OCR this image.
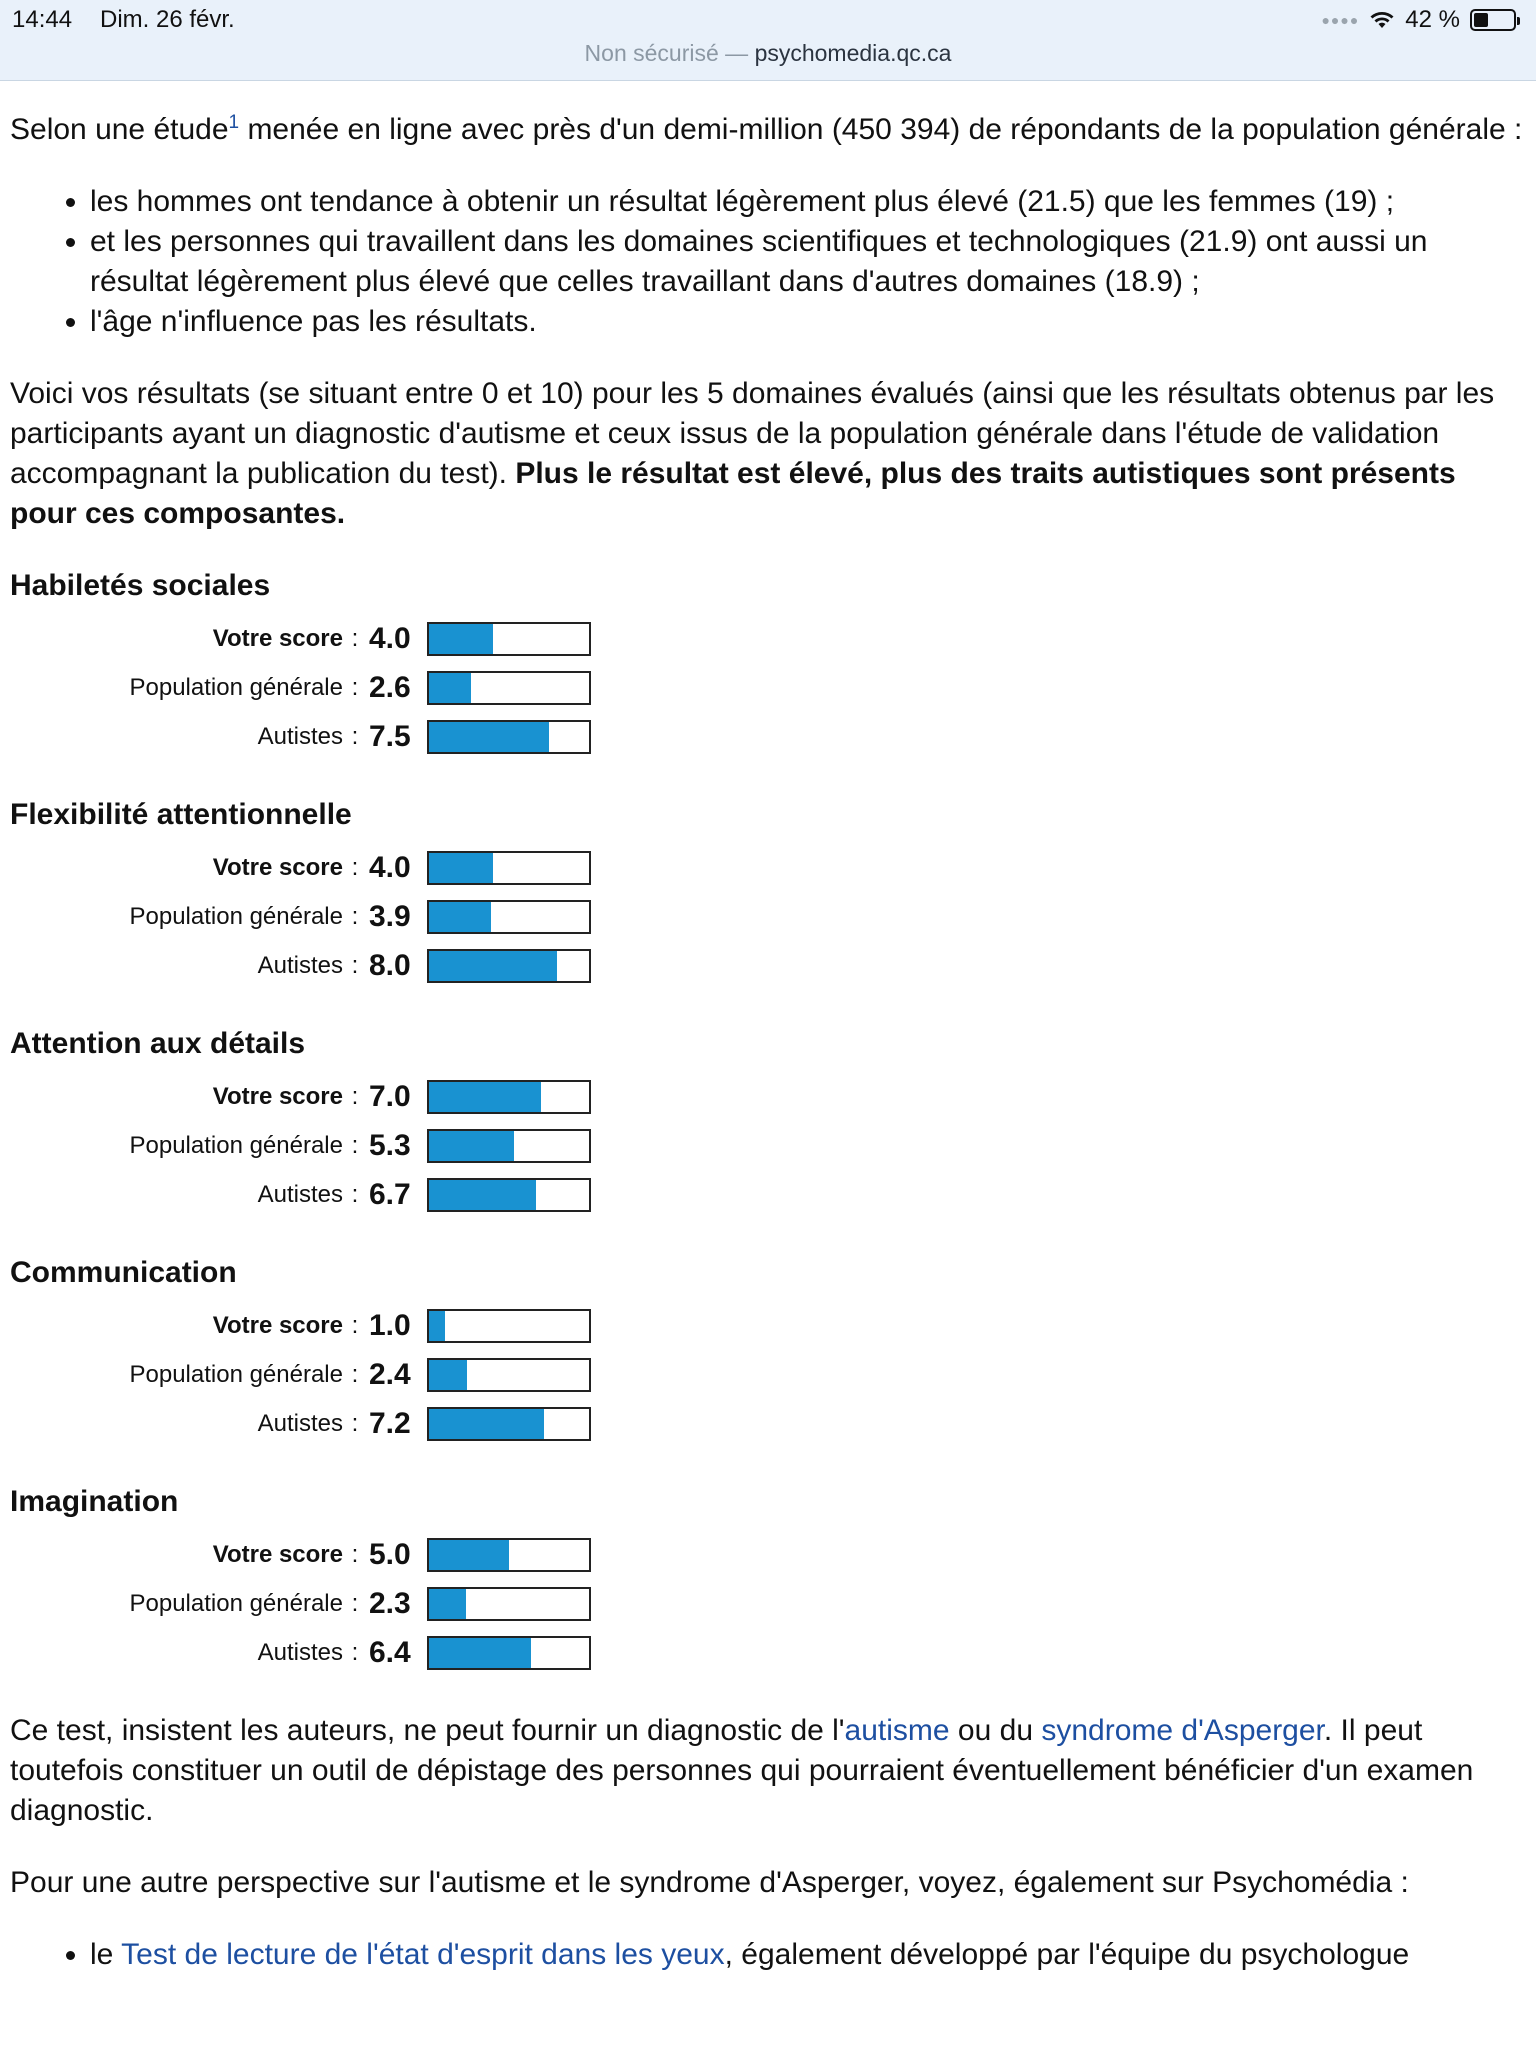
14:44 Dim. 26 févr.	●●●● 42 %
Non sécurisé — psychomedia.qc.ca

Selon une étude$^1$ menée en ligne avec près d'un demi-million (450 394) de répondants de la population générale :

• les hommes ont tendance à obtenir un résultat légèrement plus élevé (21.5) que les femmes (19) ;
• et les personnes qui travaillent dans les domaines scientifiques et technologiques (21.9) ont aussi un résultat légèrement plus élevé que celles travaillant dans d'autres domaines (18.9) ;
• l'âge n'influence pas les résultats.

Voici vos résultats (se situant entre 0 et 10) pour les 5 domaines évalués (ainsi que les résultats obtenus par les participants ayant un diagnostic d'autisme et ceux issus de la population générale dans l'étude de validation accompagnant la publication du test). Plus le résultat est élevé, plus des traits autistiques sont présents pour ces composantes.

Habiletés sociales
Votre score : 4.0
Population générale : 2.6
Autistes : 7.5
Flexibilité attentionnelle
Votre score : 4.0
Population générale : 3.9
Autistes : 8.0
Attention aux détails
Votre score : 7.0
Population générale : 5.3
Autistes : 6.7
Communication
Votre score : 1.0
Population générale : 2.4
Autistes : 7.2
Imagination
Votre score : 5.0
Population générale : 2.3
Autistes : 6.4

Ce test, insistent les auteurs, ne peut fournir un diagnostic de l'autisme ou du syndrome d'Asperger. Il peut toutefois constituer un outil de dépistage des personnes qui pourraient éventuellement bénéficier d'un examen diagnostic.

Pour une autre perspective sur l'autisme et le syndrome d'Asperger, voyez, également sur Psychomédia :

• le Test de lecture de l'état d'esprit dans les yeux, également développé par l'équipe du psychologue
